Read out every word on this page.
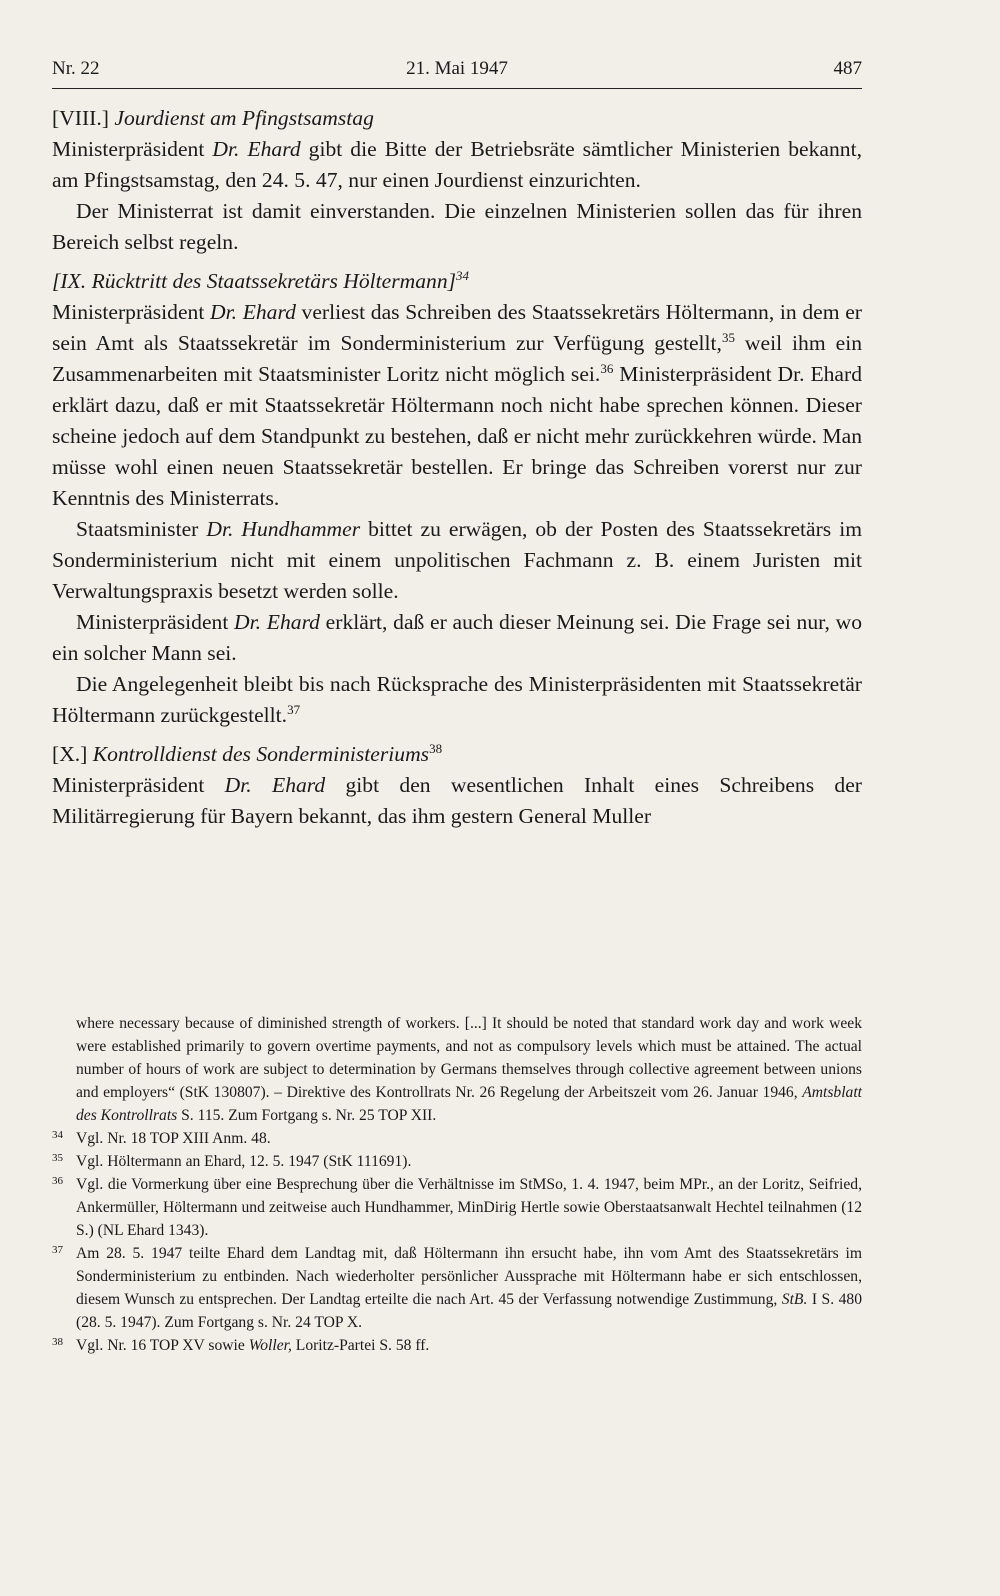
Nr. 22	21. Mai 1947	487

[VIII.] Jourdienst am Pfingstsamstag

Ministerpräsident Dr. Ehard gibt die Bitte der Betriebsräte sämtlicher Ministerien bekannt, am Pfingstsamstag, den 24. 5. 47, nur einen Jourdienst einzurichten.

Der Ministerrat ist damit einverstanden. Die einzelnen Ministerien sollen das für ihren Bereich selbst regeln.

[IX. Rücktritt des Staatssekretärs Höltermann]$^{34}$

Ministerpräsident Dr. Ehard verliest das Schreiben des Staatssekretärs Höltermann, in dem er sein Amt als Staatssekretär im Sonderministerium zur Verfügung gestellt,$^{35}$ weil ihm ein Zusammenarbeiten mit Staatsminister Loritz nicht möglich sei.$^{36}$ Ministerpräsident Dr. Ehard erklärt dazu, daß er mit Staatssekretär Höltermann noch nicht habe sprechen können. Dieser scheine jedoch auf dem Standpunkt zu bestehen, daß er nicht mehr zurückkehren würde. Man müsse wohl einen neuen Staatssekretär bestellen. Er bringe das Schreiben vorerst nur zur Kenntnis des Ministerrats.

Staatsminister Dr. Hundhammer bittet zu erwägen, ob der Posten des Staatssekretärs im Sonderministerium nicht mit einem unpolitischen Fachmann z. B. einem Juristen mit Verwaltungspraxis besetzt werden solle.

Ministerpräsident Dr. Ehard erklärt, daß er auch dieser Meinung sei. Die Frage sei nur, wo ein solcher Mann sei.

Die Angelegenheit bleibt bis nach Rücksprache des Ministerpräsidenten mit Staatssekretär Höltermann zurückgestellt.$^{37}$

[X.] Kontrolldienst des Sonderministeriums$^{38}$

Ministerpräsident Dr. Ehard gibt den wesentlichen Inhalt eines Schreibens der Militärregierung für Bayern bekannt, das ihm gestern General Muller

where necessary because of diminished strength of workers. [...] It should be noted that standard work day and work week were established primarily to govern overtime payments, and not as compulsory levels which must be attained. The actual number of hours of work are subject to determination by Germans themselves through collective agreement between unions and employers“ (StK 130807). – Direktive des Kontrollrats Nr. 26 Regelung der Arbeitszeit vom 26. Januar 1946, Amtsblatt des Kontrollrats S. 115. Zum Fortgang s. Nr. 25 TOP XII.

34 Vgl. Nr. 18 TOP XIII Anm. 48.
35 Vgl. Höltermann an Ehard, 12. 5. 1947 (StK 111691).
36 Vgl. die Vormerkung über eine Besprechung über die Verhältnisse im StMSo, 1. 4. 1947, beim MPr., an der Loritz, Seifried, Ankermüller, Höltermann und zeitweise auch Hundhammer, MinDirig Hertle sowie Oberstaatsanwalt Hechtel teilnahmen (12 S.) (NL Ehard 1343).
37 Am 28. 5. 1947 teilte Ehard dem Landtag mit, daß Höltermann ihn ersucht habe, ihn vom Amt des Staatssekretärs im Sonderministerium zu entbinden. Nach wiederholter persönlicher Aussprache mit Höltermann habe er sich entschlossen, diesem Wunsch zu entsprechen. Der Landtag erteilte die nach Art. 45 der Verfassung notwendige Zustimmung, StB. I S. 480 (28. 5. 1947). Zum Fortgang s. Nr. 24 TOP X.
38 Vgl. Nr. 16 TOP XV sowie Woller, Loritz-Partei S. 58 ff.
